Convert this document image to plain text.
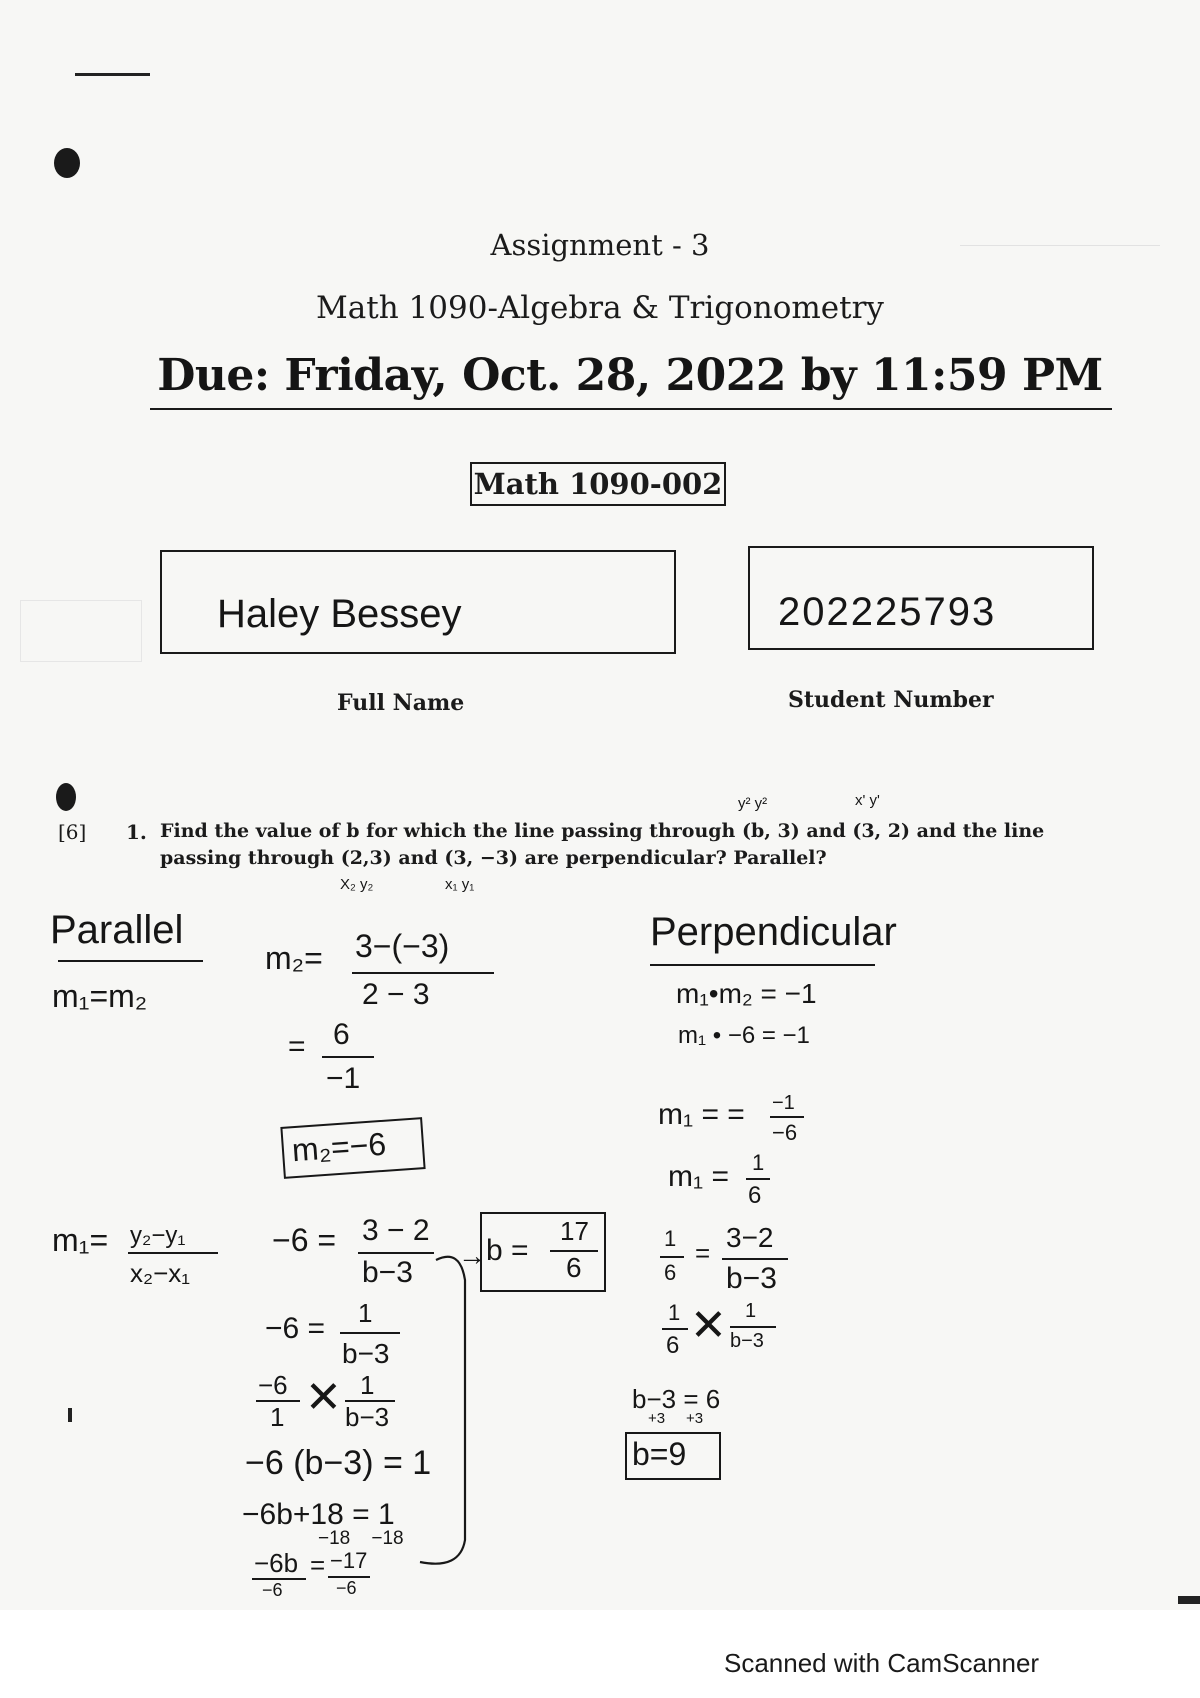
Assignment - 3
Math 1090-Algebra & Trigonometry
Due: Friday, Oct. 28, 2022 by 11:59 PM
Math 1090-002
Haley Bessey
Full Name
202225793
Student Number
[6] 1. Find the value of b for which the line passing through (b, 3) and (3, 2) and the line
passing through (2,3) and (3, −3) are perpendicular? Parallel?
y² y²	x' y'
X₂ y₂	x₁ y₁
Parallel
m₁=m₂
m₂= 3−(−3)
2 − 3
= 6
−1
m₂=−6
m₁= y₂−y₁
x₂−x₁
−6 = 3 − 2
b−3
−6 = 1
b−3
−6
1 ✕ 1
b−3
−6 (b−3) = 1
−6b+18 = 1
−18    −18
−6b
−6
= −17
−6
→ b =
17
6
Perpendicular
m₁•m₂ = −1
m₁ • −6 = −1
m₁ = = −1
−6
m₁ = 1
6
1
6
= 3−2
b−3
1
6 ✕ 1
b−3
b−3 = 6
+3     +3
b=9
Scanned with CamScanner
